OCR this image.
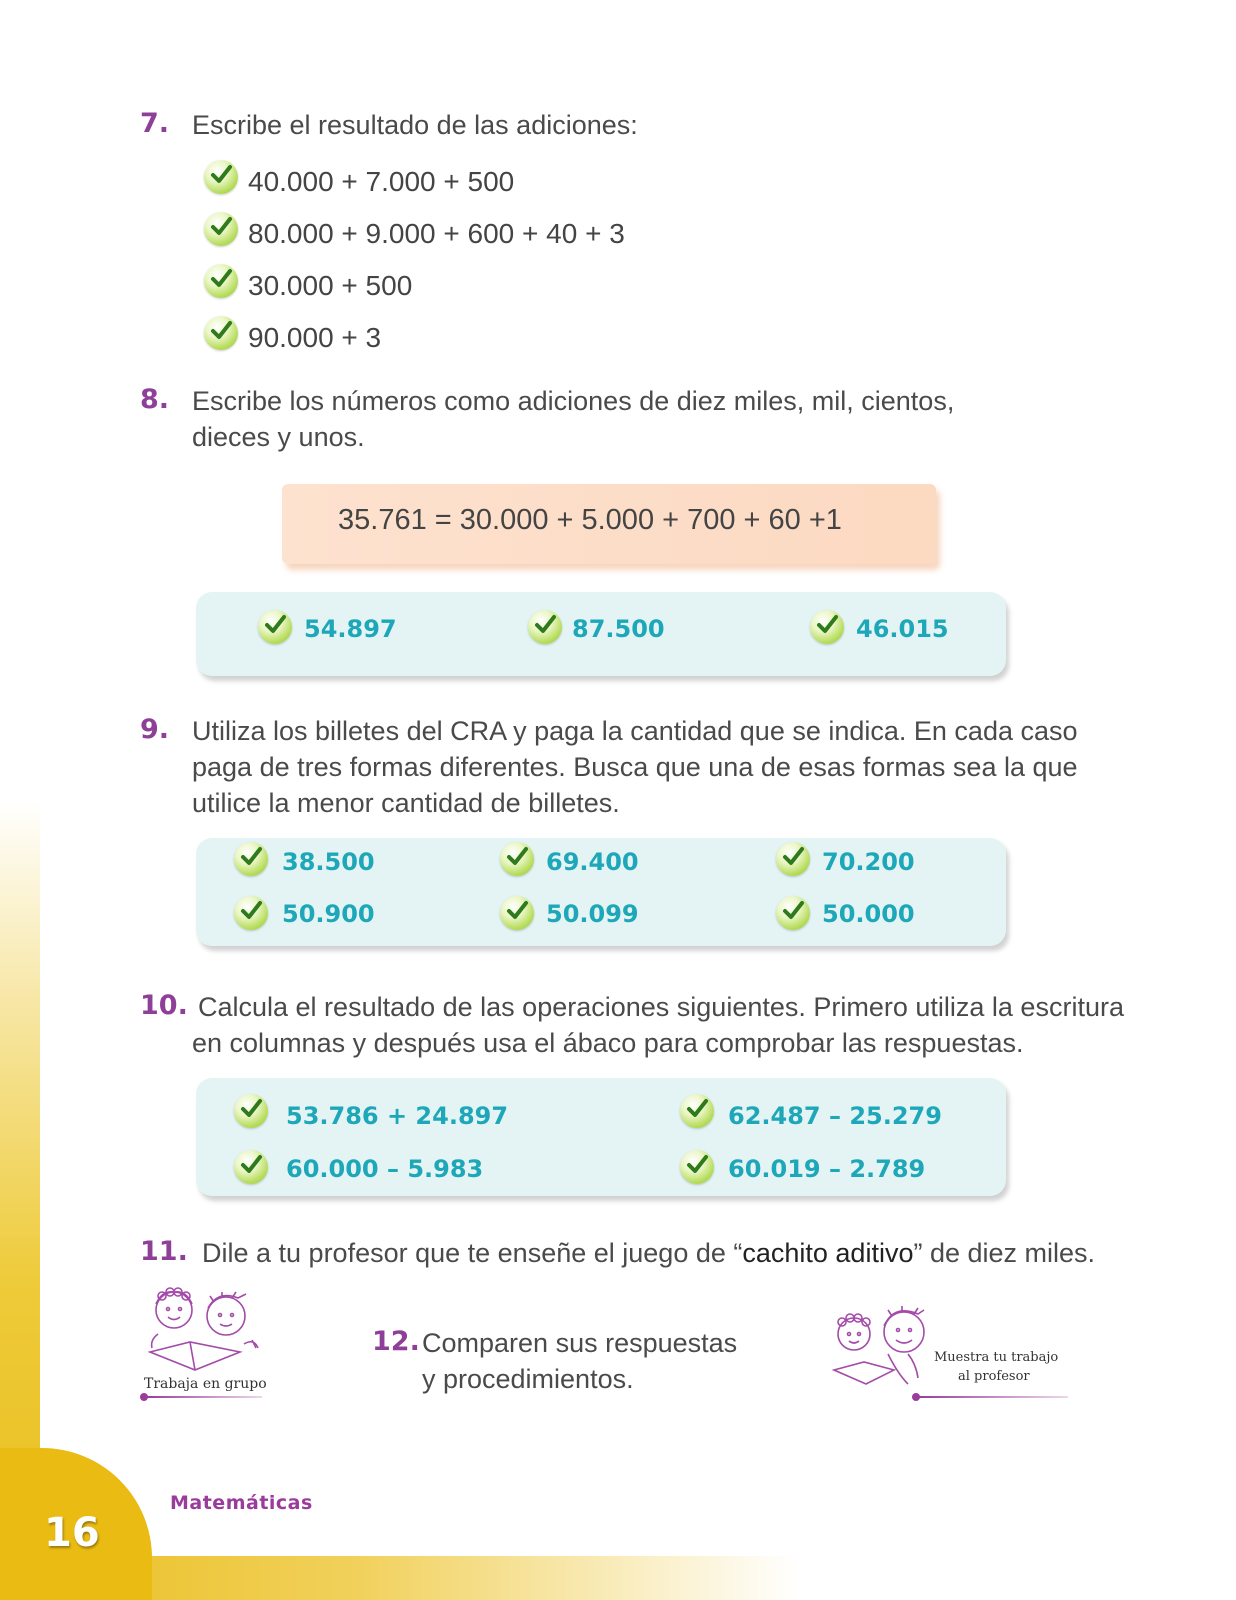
16
Matemáticas
7. Escribe el resultado de las adiciones:
40.000 + 7.000 + 500
80.000 + 9.000 + 600 + 40 + 3
30.000 + 500
90.000 + 3
8. Escribe los números como adiciones de diez miles, mil, cientos,
dieces y unos.
35.761 = 30.000 + 5.000 + 700 + 60 +1
54.897	87.500	46.015
9. Utiliza los billetes del CRA y paga la cantidad que se indica. En cada caso
paga de tres formas diferentes. Busca que una de esas formas sea la que
utilice la menor cantidad de billetes.
38.500	69.400	70.200
50.900	50.099	50.000
10. Calcula el resultado de las operaciones siguientes. Primero utiliza la escritura
en columnas y después usa el ábaco para comprobar las respuestas.
53.786 + 24.897	62.487 – 25.279
60.000 – 5.983	60.019 – 2.789
11. Dile a tu profesor que te enseñe el juego de “cachito aditivo” de diez miles.
Trabaja en grupo
12. Comparen sus respuestas
y procedimientos.
Muestra tu trabajo
al profesor
